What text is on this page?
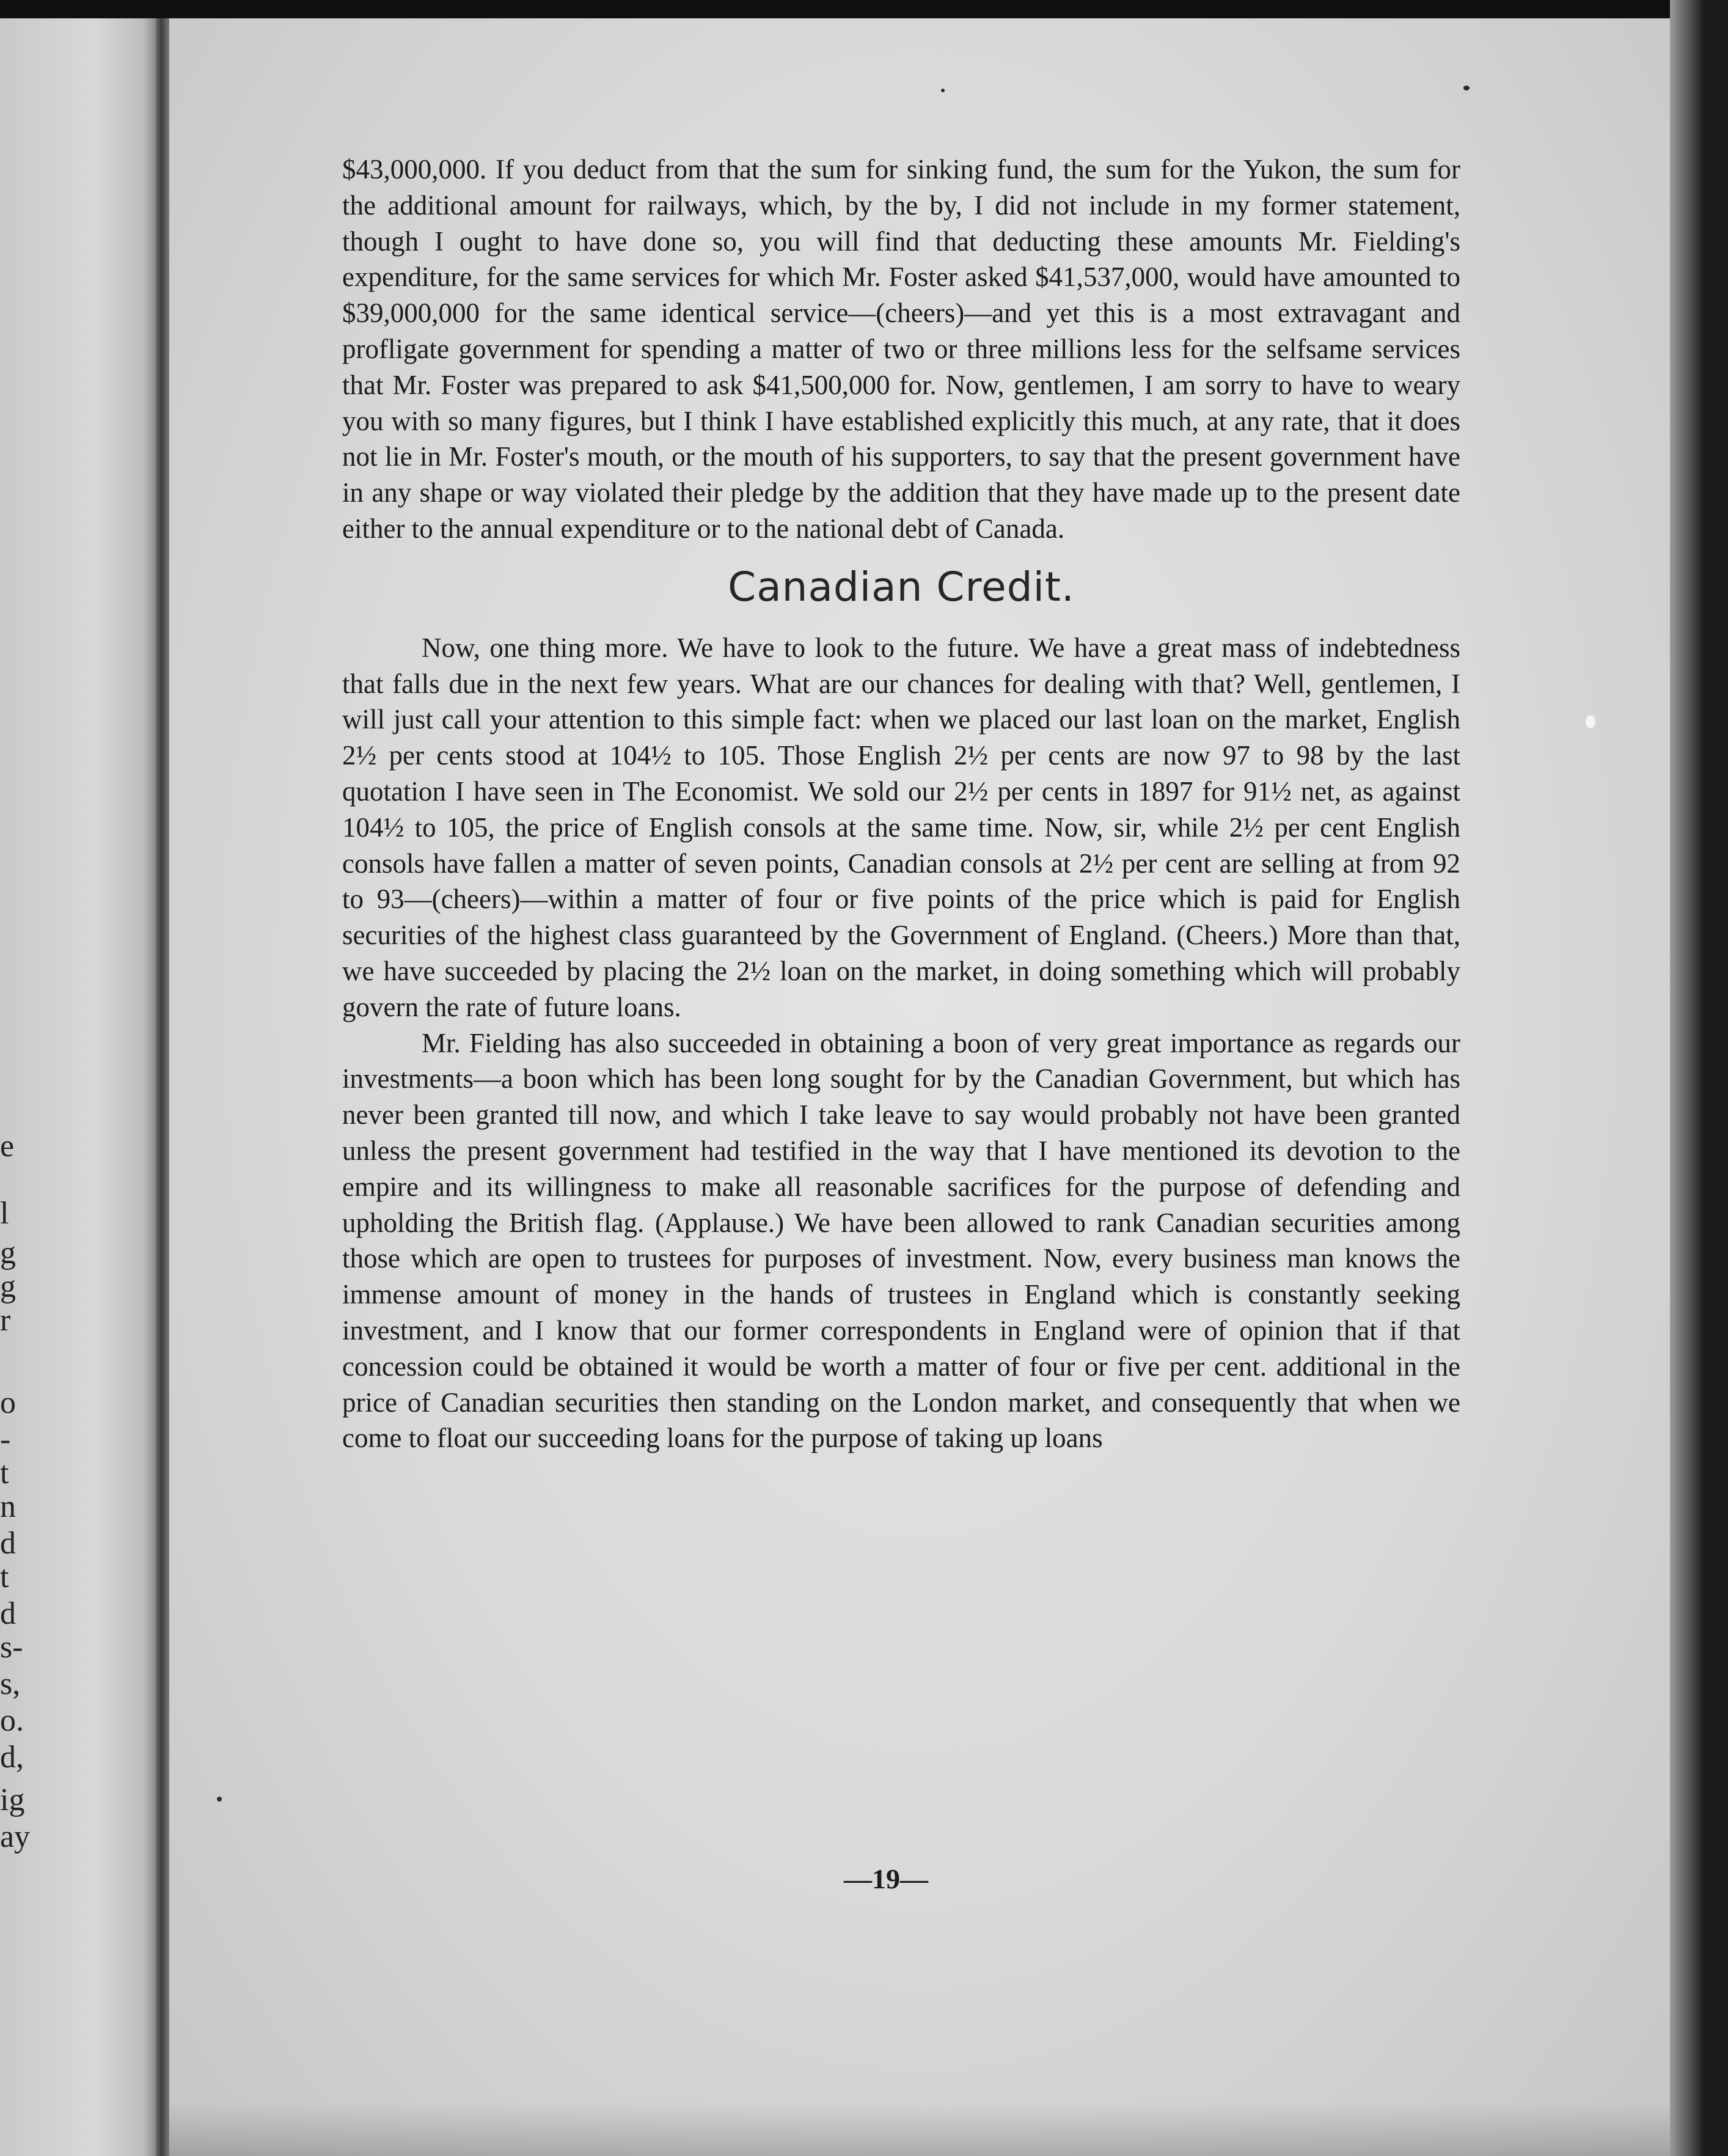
e
l
g
g
r
o
-
t
n
d
t
d
s-
s,
o.
d,
ig
ay

$43,000,000. If you deduct from that the sum for sinking fund, the sum for the Yukon, the sum for the additional amount for railways, which, by the by, I did not include in my former statement, though I ought to have done so, you will find that deducting these amounts Mr. Fielding's expenditure, for the same services for which Mr. Foster asked $41,537,000, would have amounted to $39,000,000 for the same identical service—(cheers)—and yet this is a most extravagant and profligate government for spending a matter of two or three millions less for the selfsame services that Mr. Foster was prepared to ask $41,500,000 for. Now, gentlemen, I am sorry to have to weary you with so many figures, but I think I have established explicitly this much, at any rate, that it does not lie in Mr. Foster's mouth, or the mouth of his supporters, to say that the present government have in any shape or way violated their pledge by the addition that they have made up to the present date either to the annual expenditure or to the national debt of Canada.

Canadian Credit.

Now, one thing more. We have to look to the future. We have a great mass of indebtedness that falls due in the next few years. What are our chances for dealing with that? Well, gentlemen, I will just call your attention to this simple fact: when we placed our last loan on the market, English 2½ per cents stood at 104½ to 105. Those English 2½ per cents are now 97 to 98 by the last quotation I have seen in The Economist. We sold our 2½ per cents in 1897 for 91½ net, as against 104½ to 105, the price of English consols at the same time. Now, sir, while 2½ per cent English consols have fallen a matter of seven points, Canadian consols at 2½ per cent are selling at from 92 to 93—(cheers)—within a matter of four or five points of the price which is paid for English securities of the highest class guaranteed by the Government of England. (Cheers.) More than that, we have succeeded by placing the 2½ loan on the market, in doing something which will probably govern the rate of future loans.

Mr. Fielding has also succeeded in obtaining a boon of very great importance as regards our investments—a boon which has been long sought for by the Canadian Government, but which has never been granted till now, and which I take leave to say would probably not have been granted unless the present government had testified in the way that I have mentioned its devotion to the empire and its willingness to make all reasonable sacrifices for the purpose of defending and upholding the British flag. (Applause.) We have been allowed to rank Canadian securities among those which are open to trustees for purposes of investment. Now, every business man knows the immense amount of money in the hands of trustees in England which is constantly seeking investment, and I know that our former correspondents in England were of opinion that if that concession could be obtained it would be worth a matter of four or five per cent. additional in the price of Canadian securities then standing on the London market, and consequently that when we come to float our succeeding loans for the purpose of taking up loans

—19—
